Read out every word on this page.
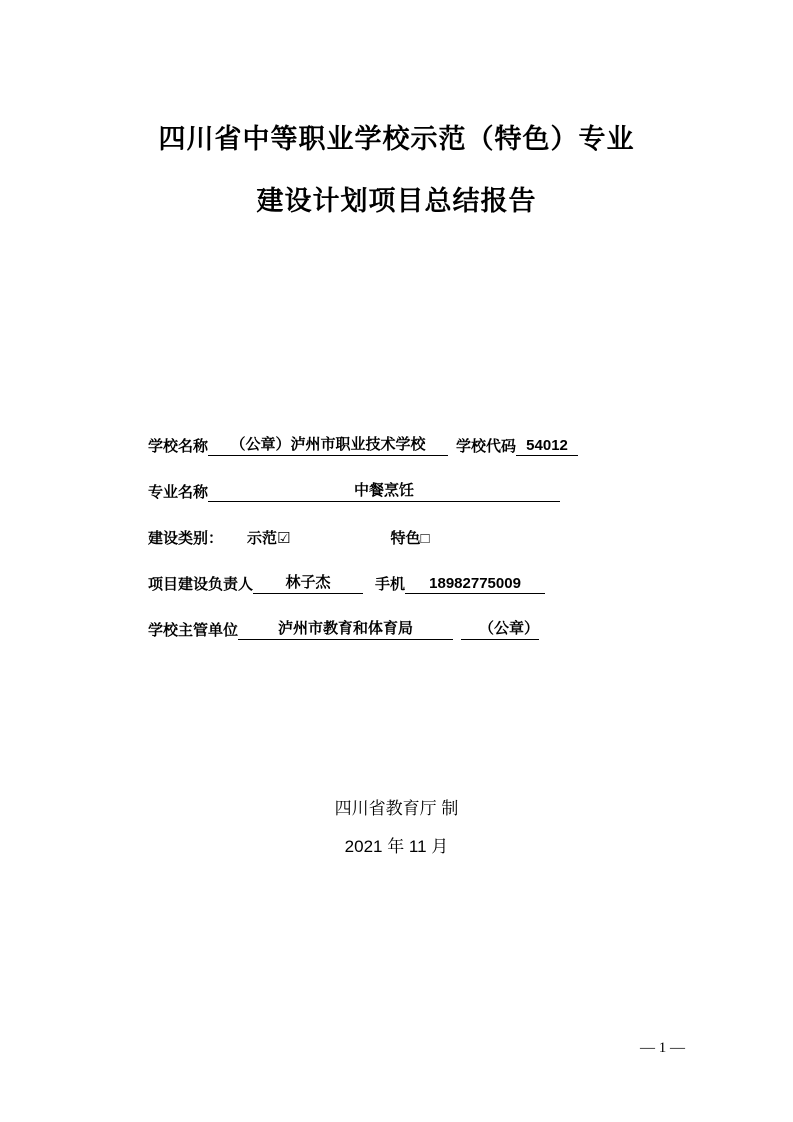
四川省中等职业学校示范（特色）专业
建设计划项目总结报告
学校名称	（公章）泸州市职业技术学校	学校代码 54012
专业名称	中餐烹饪
建设类别： 示范☑	特色□
项目建设负责人	林子杰	手机	18982775009
学校主管单位	泸州市教育和体育局	（公章）
四川省教育厅 制
2021 年 11 月
— 1 —
